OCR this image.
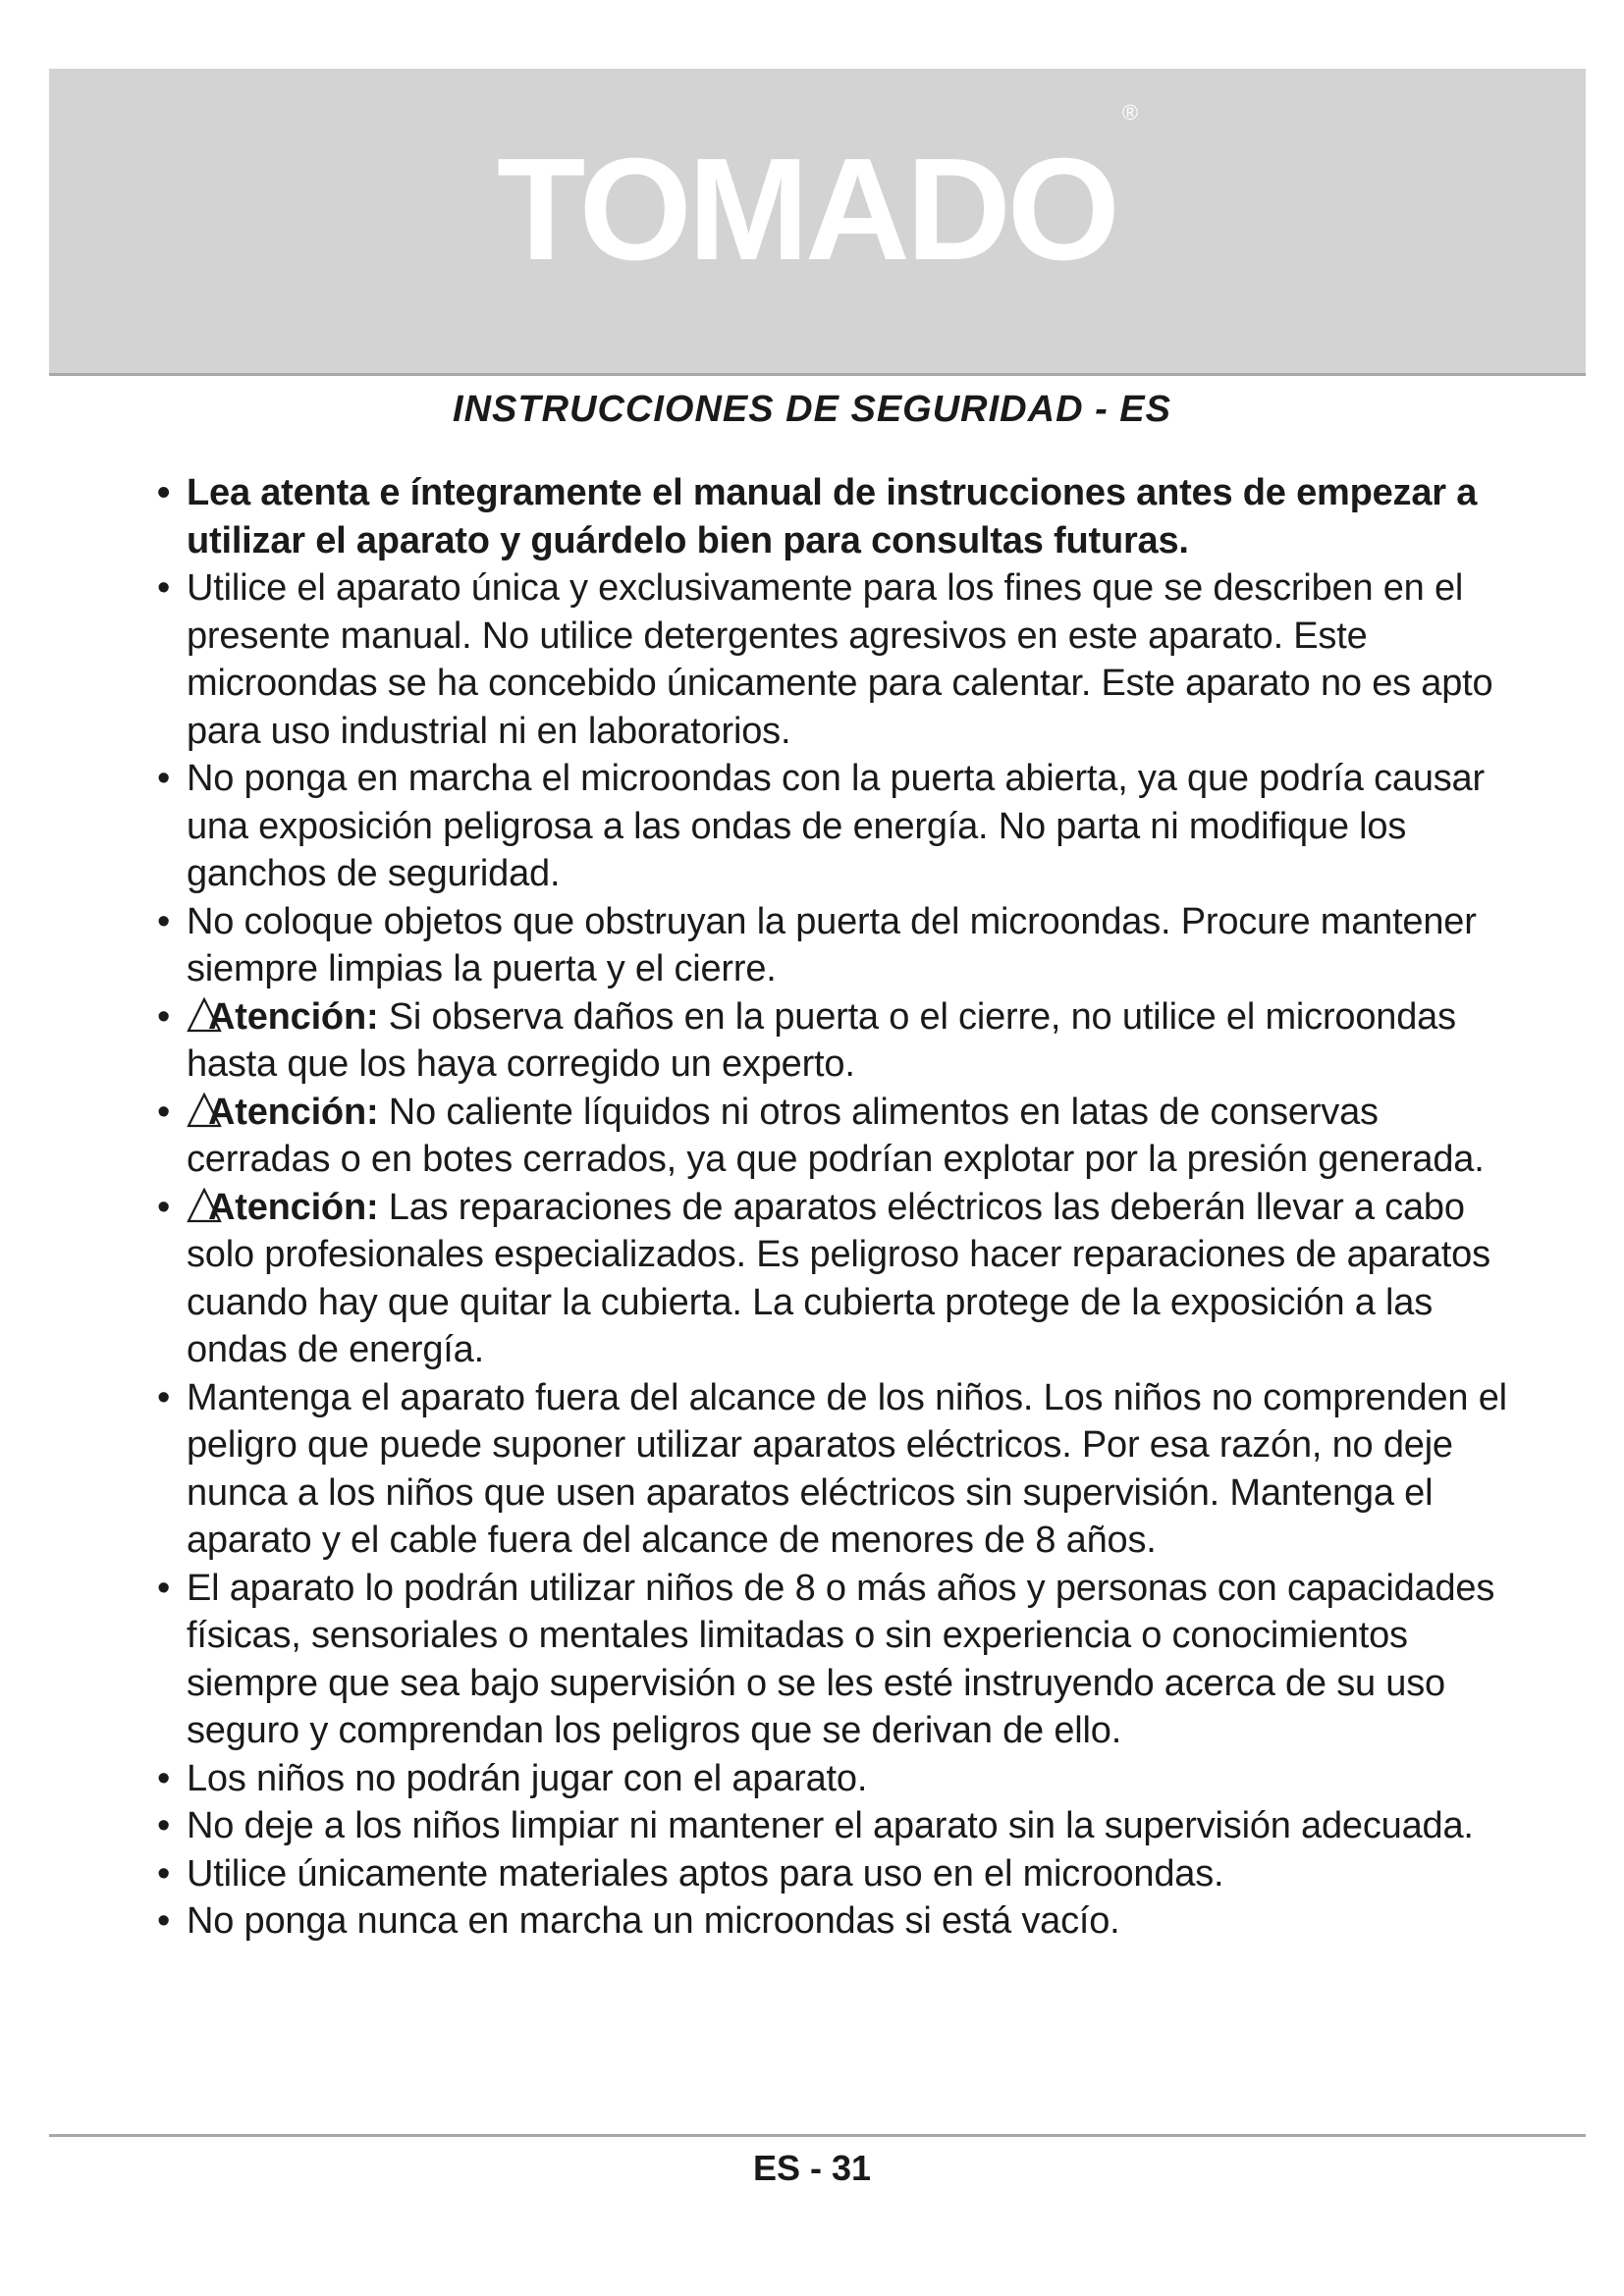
TOMADO®
INSTRUCCIONES DE SEGURIDAD - ES
• Lea atenta e íntegramente el manual de instrucciones antes de empezar a utilizar el aparato y guárdelo bien para consultas futuras.
• Utilice el aparato única y exclusivamente para los fines que se describen en el presente manual. No utilice detergentes agresivos en este aparato. Este microondas se ha concebido únicamente para calentar. Este aparato no es apto para uso industrial ni en laboratorios.
• No ponga en marcha el microondas con la puerta abierta, ya que podría causar una exposición peligrosa a las ondas de energía. No parta ni modifique los ganchos de seguridad.
• No coloque objetos que obstruyan la puerta del microondas. Procure mantener siempre limpias la puerta y el cierre.
• Atención: Si observa daños en la puerta o el cierre, no utilice el microondas hasta que los haya corregido un experto.
• Atención: No caliente líquidos ni otros alimentos en latas de conservas cerradas o en botes cerrados, ya que podrían explotar por la presión generada.
• Atención: Las reparaciones de aparatos eléctricos las deberán llevar a cabo solo profesionales especializados. Es peligroso hacer reparaciones de aparatos cuando hay que quitar la cubierta. La cubierta protege de la exposición a las ondas de energía.
• Mantenga el aparato fuera del alcance de los niños. Los niños no comprenden el peligro que puede suponer utilizar aparatos eléctricos. Por esa razón, no deje nunca a los niños que usen aparatos eléctricos sin supervisión. Mantenga el aparato y el cable fuera del alcance de menores de 8 años.
• El aparato lo podrán utilizar niños de 8 o más años y personas con capacidades físicas, sensoriales o mentales limitadas o sin experiencia o conocimientos siempre que sea bajo supervisión o se les esté instruyendo acerca de su uso seguro y comprendan los peligros que se derivan de ello.
• Los niños no podrán jugar con el aparato.
• No deje a los niños limpiar ni mantener el aparato sin la supervisión adecuada.
• Utilice únicamente materiales aptos para uso en el microondas.
• No ponga nunca en marcha un microondas si está vacío.
ES - 31
